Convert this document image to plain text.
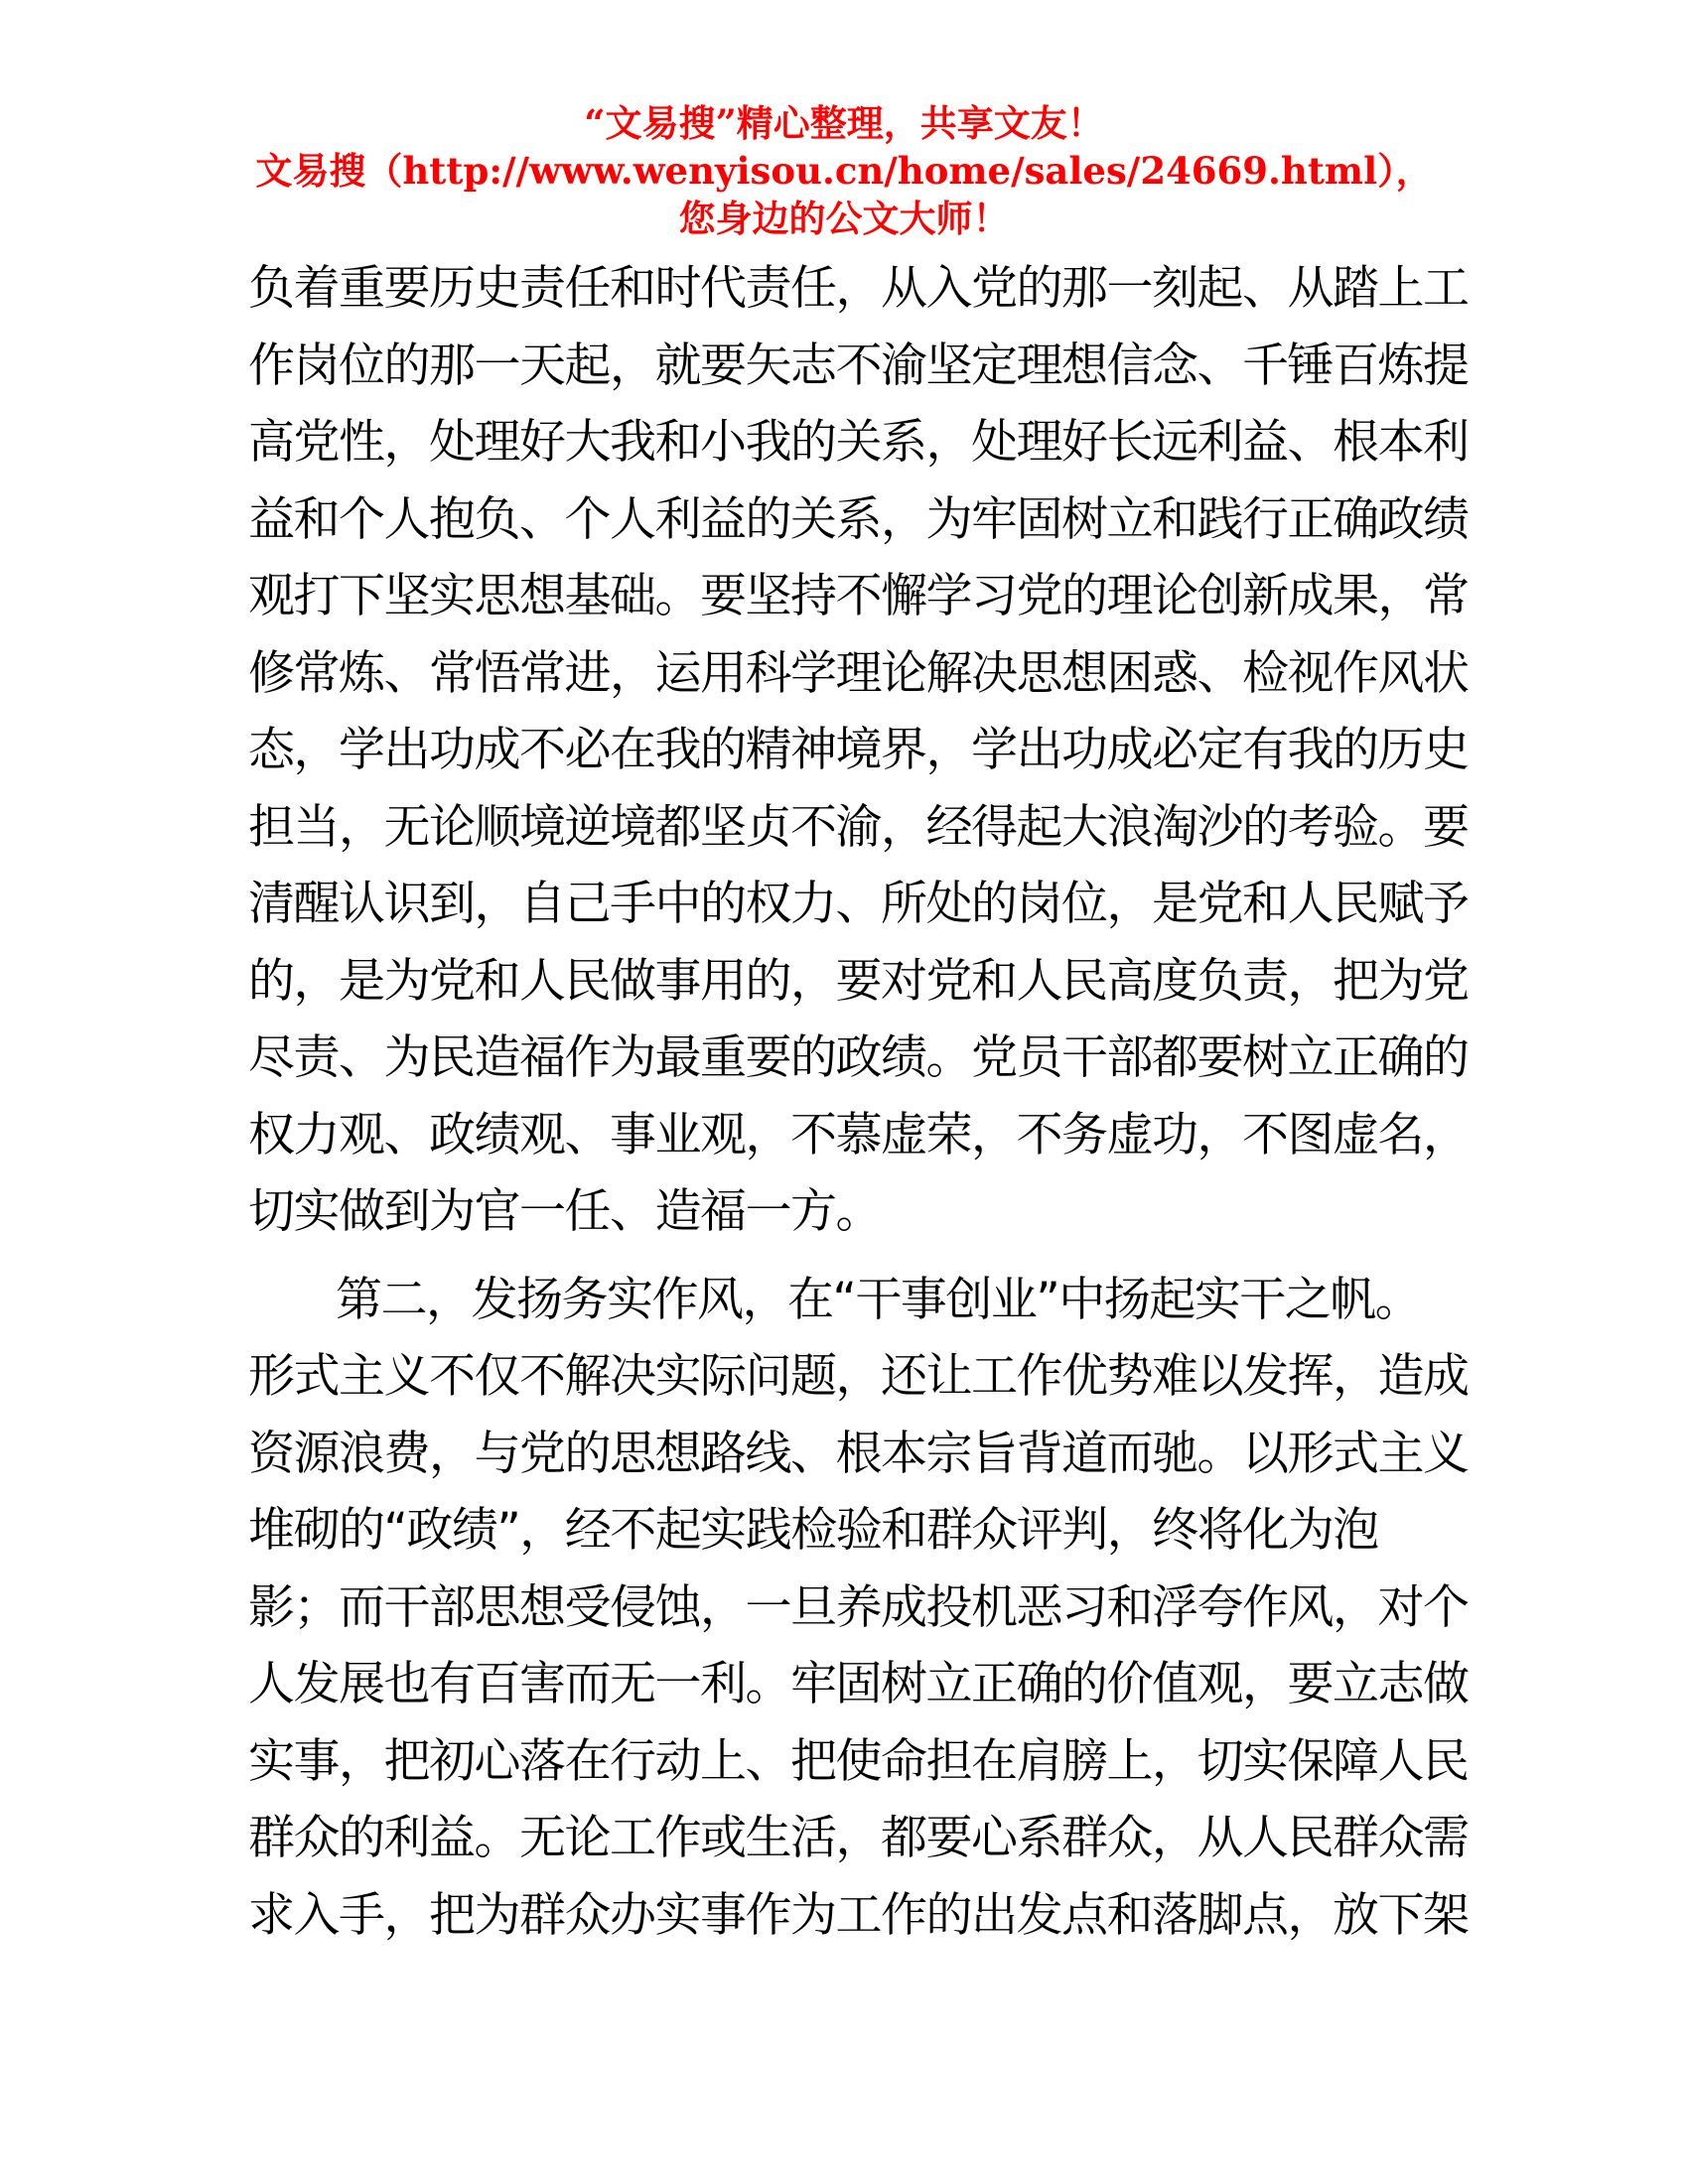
“文易搜”精心整理，共享文友！
文易搜（http://www.wenyisou.cn/home/sales/24669.html），
您身边的公文大师！
负着重要历史责任和时代责任，从入党的那一刻起、从踏上工
作岗位的那一天起，就要矢志不渝坚定理想信念、千锤百炼提
高党性，处理好大我和小我的关系，处理好长远利益、根本利
益和个人抱负、个人利益的关系，为牢固树立和践行正确政绩
观打下坚实思想基础。要坚持不懈学习党的理论创新成果，常
修常炼、常悟常进，运用科学理论解决思想困惑、检视作风状
态，学出功成不必在我的精神境界，学出功成必定有我的历史
担当，无论顺境逆境都坚贞不渝，经得起大浪淘沙的考验。要
清醒认识到，自己手中的权力、所处的岗位，是党和人民赋予
的，是为党和人民做事用的，要对党和人民高度负责，把为党
尽责、为民造福作为最重要的政绩。党员干部都要树立正确的
权力观、政绩观、事业观，不慕虚荣，不务虚功，不图虚名，
切实做到为官一任、造福一方。
第二，发扬务实作风，在“干事创业”中扬起实干之帆。
形式主义不仅不解决实际问题，还让工作优势难以发挥，造成
资源浪费，与党的思想路线、根本宗旨背道而驰。以形式主义
堆砌的“政绩”，经不起实践检验和群众评判，终将化为泡
影；而干部思想受侵蚀，一旦养成投机恶习和浮夸作风，对个
人发展也有百害而无一利。牢固树立正确的价值观，要立志做
实事，把初心落在行动上、把使命担在肩膀上，切实保障人民
群众的利益。无论工作或生活，都要心系群众，从人民群众需
求入手，把为群众办实事作为工作的出发点和落脚点，放下架
